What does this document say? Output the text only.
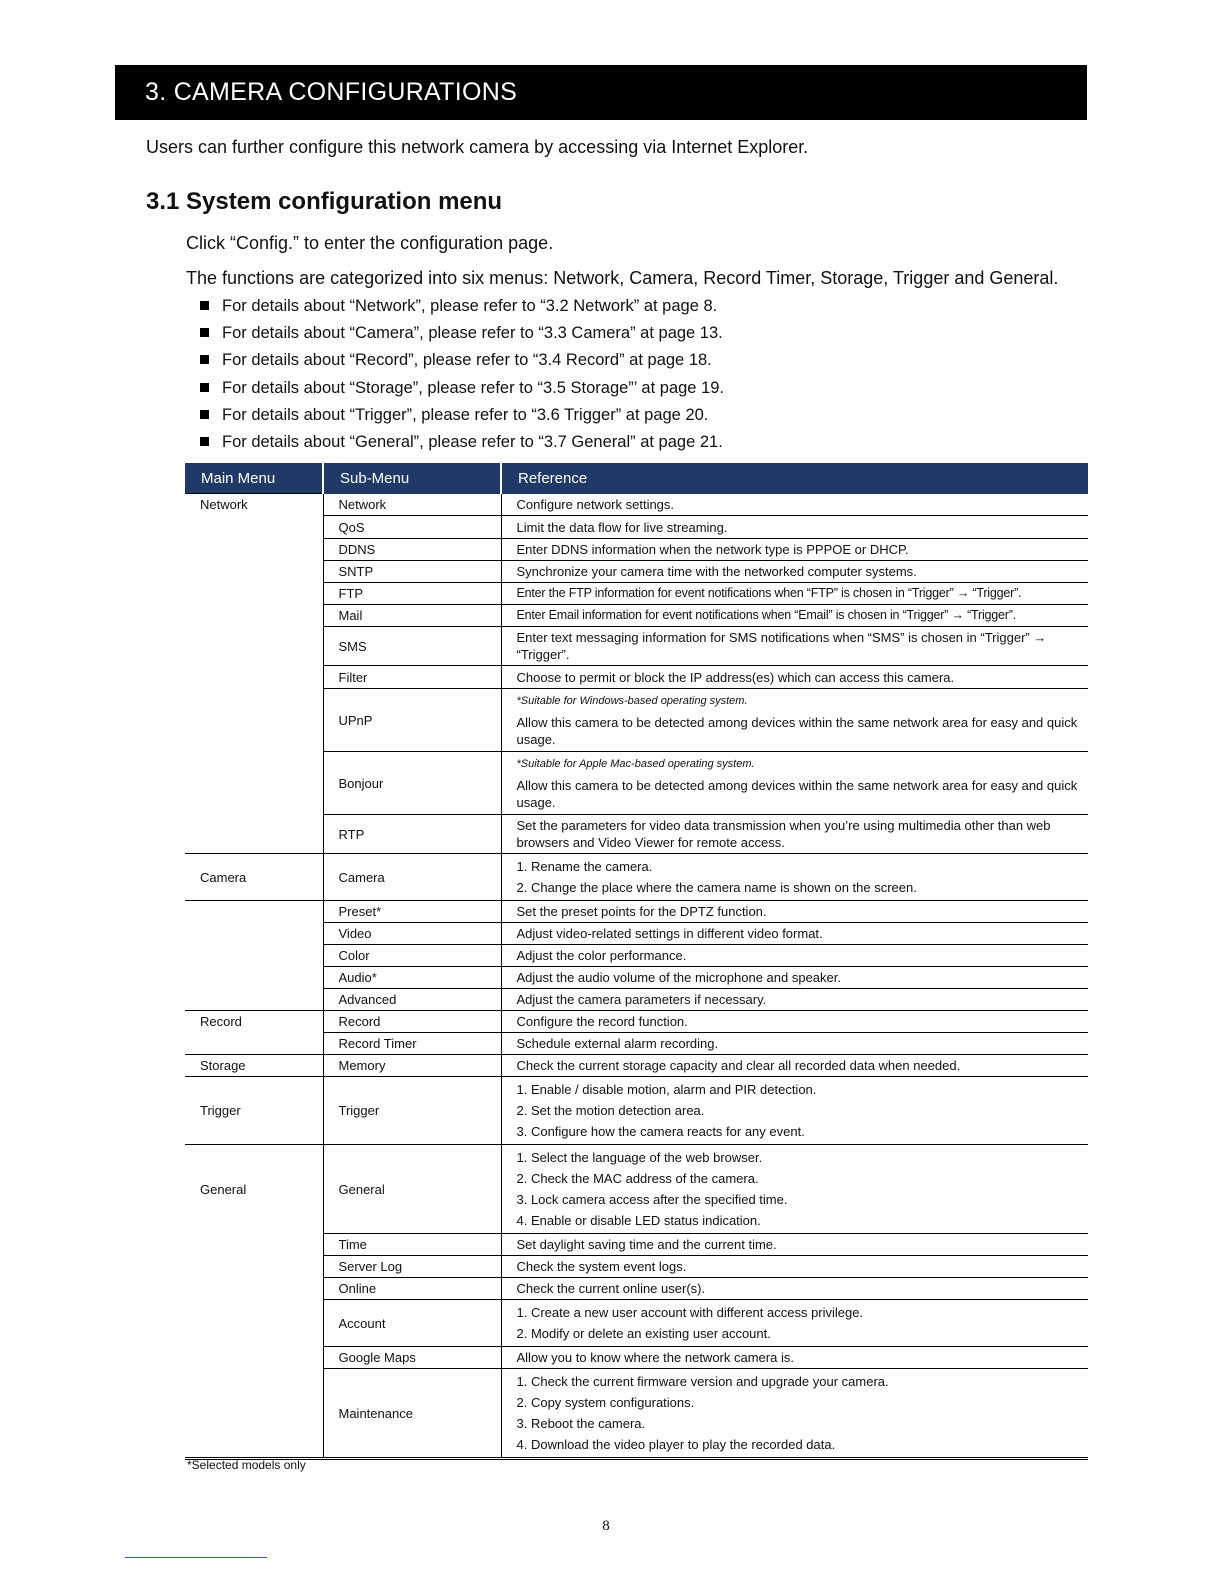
3. CAMERA CONFIGURATIONS
Users can further configure this network camera by accessing via Internet Explorer.
3.1 System configuration menu
Click “Config.” to enter the configuration page.
The functions are categorized into six menus: Network, Camera, Record Timer, Storage, Trigger and General.
For details about “Network”, please refer to “3.2 Network” at page 8.
For details about “Camera”, please refer to “3.3 Camera” at page 13.
For details about “Record”, please refer to “3.4 Record” at page 18.
For details about “Storage”, please refer to “3.5 Storage”’ at page 19.
For details about “Trigger”, please refer to “3.6 Trigger” at page 20.
For details about “General”, please refer to “3.7 General” at page 21.
Main Menu	Sub-Menu	Reference
Network	Network	Configure network settings.
	QoS	Limit the data flow for live streaming.
	DDNS	Enter DDNS information when the network type is PPPOE or DHCP.
	SNTP	Synchronize your camera time with the networked computer systems.
	FTP	Enter the FTP information for event notifications when “FTP” is chosen in “Trigger” → “Trigger”.
	Mail	Enter Email information for event notifications when “Email” is chosen in “Trigger” → “Trigger”.
	SMS	Enter text messaging information for SMS notifications when “SMS” is chosen in “Trigger” → “Trigger”.
	Filter	Choose to permit or block the IP address(es) which can access this camera.
	UPnP	*Suitable for Windows-based operating system.
Allow this camera to be detected among devices within the same network area for easy and quick usage.
	Bonjour	*Suitable for Apple Mac-based operating system.
Allow this camera to be detected among devices within the same network area for easy and quick usage.
	RTP	Set the parameters for video data transmission when you’re using multimedia other than web browsers and Video Viewer for remote access.
Camera	Camera	1. Rename the camera.
2. Change the place where the camera name is shown on the screen.

	Preset*	Set the preset points for the DPTZ function.
	Video	Adjust video-related settings in different video format.
	Color	Adjust the color performance.
	Audio*	Adjust the audio volume of the microphone and speaker.
	Advanced	Adjust the camera parameters if necessary.
Record	Record	Configure the record function.
	Record Timer	Schedule external alarm recording.
Storage	Memory	Check the current storage capacity and clear all recorded data when needed.
Trigger	Trigger	1. Enable / disable motion, alarm and PIR detection.
2. Set the motion detection area.
3. Configure how the camera reacts for any event.

General	General	1. Select the language of the web browser.
2. Check the MAC address of the camera.
3. Lock camera access after the specified time.
4. Enable or disable LED status indication.

	Time	Set daylight saving time and the current time.
	Server Log	Check the system event logs.
	Online	Check the current online user(s).
	Account	1. Create a new user account with different access privilege.
2. Modify or delete an existing user account.

	Google Maps	Allow you to know where the network camera is.
	Maintenance	1. Check the current firmware version and upgrade your camera.
2. Copy system configurations.
3. Reboot the camera.
4. Download the video player to play the recorded data.
*Selected models only
8
